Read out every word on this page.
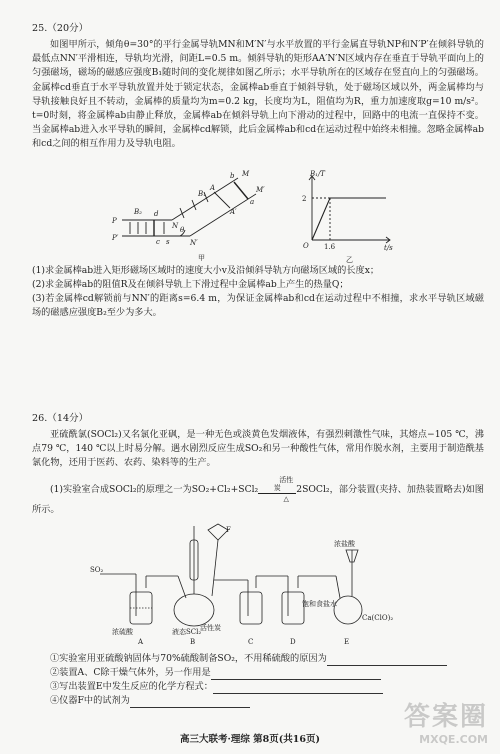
25.（20分）

如图甲所示，倾角θ=30°的平行金属导轨MN和M′N′与水平放置的平行金属直导轨NP和N′P′在倾斜导轨的最低点NN′平滑相连，导轨均光滑，间距L=0.5 m。倾斜导轨的矩形AA′N′N区域内存在垂直于导轨平面向上的匀强磁场，磁场的磁感应强度B₁随时间的变化规律如图乙所示；水平导轨所在的区域存在竖直向上的匀强磁场。金属棒cd垂直于水平导轨放置并处于锁定状态，金属棒ab垂直于倾斜导轨，处于磁场区域以外，两金属棒均与导轨接触良好且不转动，金属棒的质量均为m=0.2 kg，长度均为L，阻值均为R，重力加速度取g=10 m/s²。t=0时刻，将金属棒ab由静止释放，金属棒ab在倾斜导轨上向下滑动的过程中，回路中的电流一直保持不变。当金属棒ab进入水平导轨的瞬间，金属棒cd解锁，此后金属棒ab和cd在运动过程中始终未相撞。忽略金属棒ab和cd之间的相互作用力及导轨电阻。

P
P′
B₂ d
c s
N
N′
θ
B₁
A
A′
b M
a
M′
甲
B₁/T
2
O 1.6	t/s
乙

(1)求金属棒ab进入矩形磁场区域时的速度大小v及沿倾斜导轨方向磁场区域的长度x；

(2)求金属棒ab的阻值R及在倾斜导轨上下滑过程中金属棒ab上产生的热量Q；

(3)若金属棒cd解锁前与NN′的距离s=6.4 m，为保证金属棒ab和cd在运动过程中不相撞，求水平导轨区域磁场的磁感应强度B₂至少为多大。

26.（14分）

亚硫酰氯(SOCl₂)又名氯化亚砜，是一种无色或淡黄色发烟液体，有强烈刺激性气味，其熔点−105 ℃，沸点79 ℃，140 ℃以上时易分解。遇水剧烈反应生成SO₂和另一种酸性气体，常用作脱水剂，主要用于制造酰基氯化物，还用于医药、农药、染料等的生产。

(1)实验室合成SOCl₂的原理之一为SO₂+Cl₂+SCl₂
活性炭
△
2SOCl₂，部分装置(夹持、加热装置略去)如图所示。

SO₂
浓硫酸
A
液态SCl₂
活性炭
B
F
C
饱和食盐水
D
浓盐酸
Ca(ClO)₂
E

①实验室用亚硫酸钠固体与70%硫酸制备SO₂，不用稀硫酸的原因为

②装置A、C除干燥气体外，另一作用是

③写出装置E中发生反应的化学方程式：

④仪器F中的试剂为

高三大联考·理综 第8页(共16页)
答案圈
MXQE.COM
